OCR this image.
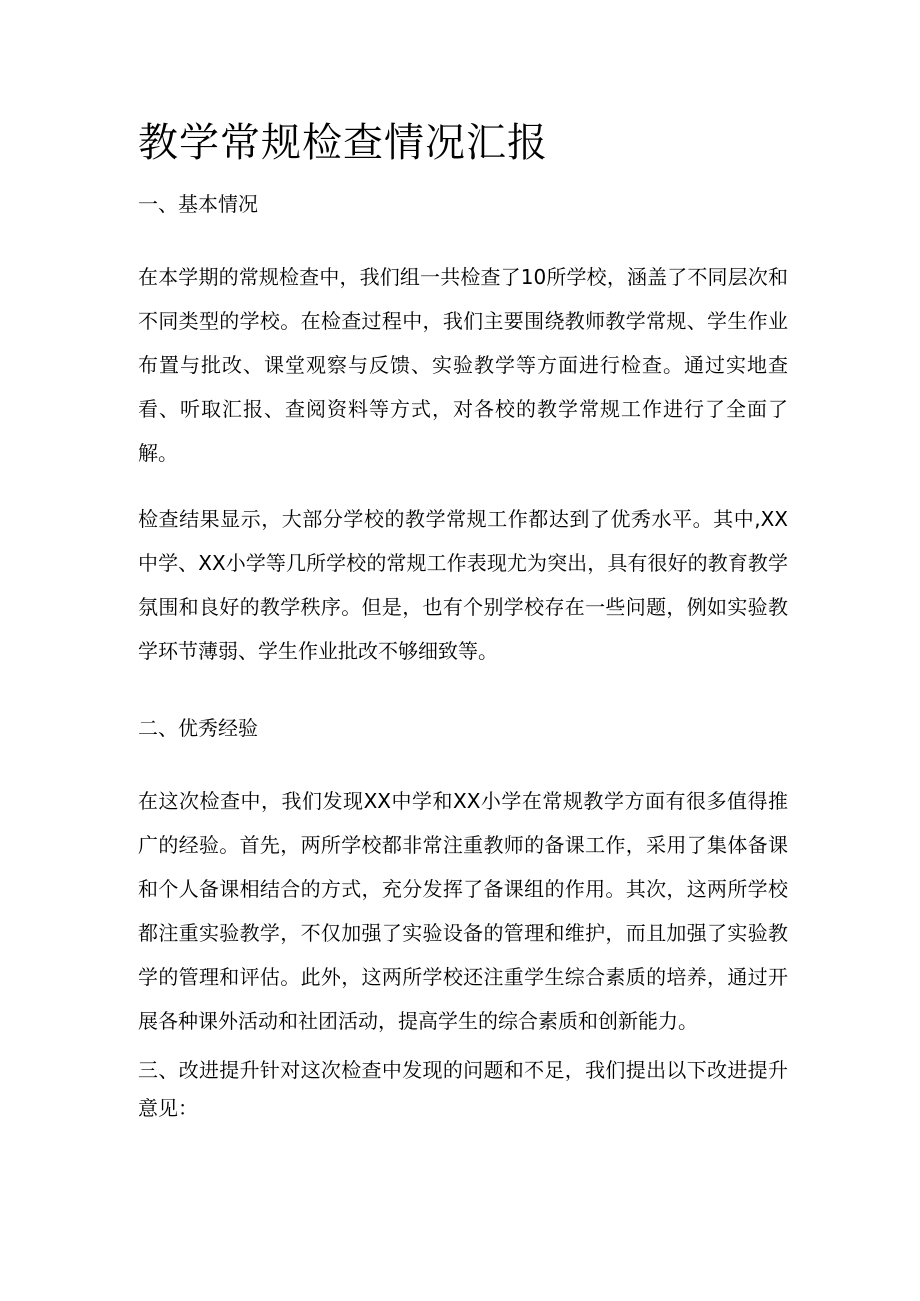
教学常规检查情况汇报
一、基本情况

在本学期的常规检查中，我们组一共检查了10所学校，涵盖了不同层次和不同类型的学校。在检查过程中，我们主要围绕教师教学常规、学生作业布置与批改、课堂观察与反馈、实验教学等方面进行检查。通过实地查看、听取汇报、查阅资料等方式，对各校的教学常规工作进行了全面了解。

检查结果显示，大部分学校的教学常规工作都达到了优秀水平。其中,XX中学、XX小学等几所学校的常规工作表现尤为突出，具有很好的教育教学氛围和良好的教学秩序。但是，也有个别学校存在一些问题，例如实验教学环节薄弱、学生作业批改不够细致等。

二、优秀经验

在这次检查中，我们发现XX中学和XX小学在常规教学方面有很多值得推广的经验。首先，两所学校都非常注重教师的备课工作，采用了集体备课和个人备课相结合的方式，充分发挥了备课组的作用。其次，这两所学校都注重实验教学，不仅加强了实验设备的管理和维护，而且加强了实验教学的管理和评估。此外，这两所学校还注重学生综合素质的培养，通过开展各种课外活动和社团活动，提高学生的综合素质和创新能力。

三、改进提升针对这次检查中发现的问题和不足，我们提出以下改进提升意见：
